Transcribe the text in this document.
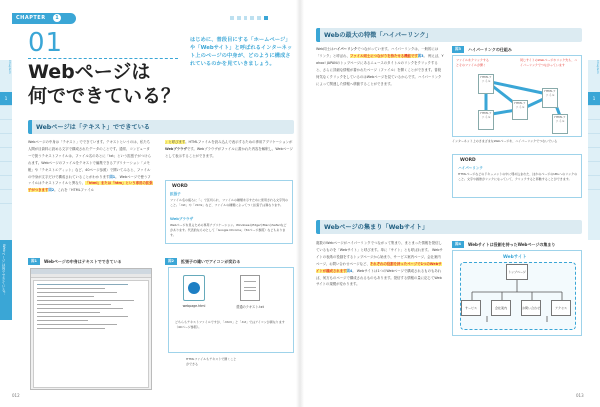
CHAPTER	1
Chapter1
1
Webページは何でできている？
01
Webページは
何でできている？
はじめに、普段目にする「ホームページ」や「Webサイト」と呼ばれるインターネット上のページの中身が、どのように構成されているのかを見ていきましょう。
Webページは「テキスト」でできている
Webページの中身は「テキスト」でできています。テキストというのは、私たち人間が目資料に読める文字で構成されたデータのことです。通常、コンピューターで扱うテキストファイルは、ファイル名のあとに「txt」という拡張子がつけられます。Webページのファイルをテキストで編集できるアプリケーション「メモ帳」や「テキストエディット」など、40ページ参照）で開いてみると、ファイルの中身が文字だけで構成されていることがわかります図1。 Webページで使うファイルはテキストファイルと異なり、「html」または「htm」という専用の拡張子がつきます図2。これを「HTMLファイル
」と呼びます。HTMLファイルを読み込んで表示するための専用アプリケーションがWebブラウザです。Webブラウザがファイルに書かれた内容を解釈し、Webページとして表示することができます。
WORD
拡張子
ファイル名の後ろに「.」で区切られ、ファイルの種類を示すために使用される文字列のこと。「.txt」や「.html」など、ファイルの種類によってつく拡張子は異なります。
Webブラウザ
Webページを見るための専用アプリケーション。WindowsのEdgeやMacのSafariなどがあります。代表的なものとして「Google Chrome」（50ページ参照）などもあります。
図1	Webページの中身はテキストでできている	図2	拡張子の違いでアイコンが変わる
webpage.html	普通のテキスト.txt
どちらもテキストファイルですが、「.html」と「.txt」ではアイコンが異なります（40ページ参照）。
HTMLファイルもテキストで開くことができる
012
Chapter1
1
Webの最大の特徴「ハイパーリンク」
Web同士はハイパーリンクでつながっています。ハイパーリンクは、一般的には「リンク」と呼ばれ、ファイル同士につながりを持たせる機能です図3。 例えば、Yahoo! JAPANのトップページにあるニュースのタイトルのリンクをクリックすると、さらに詳細な情報が書かれたページ（ファイル）を開くことができます。普段何気なくクリックをしているのはWebページを見ているからです。ハイパーリンクによって関連した情報へ移動することができます。
図3	ハイパーリンクの仕組み
ファイルをクリックするとそのファイルが開く
同じサイトのWebページやリンク先も、ハイパーリンクでつながっています
HTMLファイル
HTMLファイル
HTMLファイル
HTMLファイル	HTMLファイル
インターネット上のさまざまなWebページを、ハイパーリンクでつないでいる
WORD
ハイパーリンク
HTMLページなどのドキュメントの中に埋め込まれた、ほかのページのURLへのリンクのこと。文字や画像がリンクになっていて、クリックすると移動することができます。
Webページの集まり「Webサイト」
複数のWebページがハイパーリンクでつながって集まり、まとまった情報を発信しているものを「Webサイト」と呼びます。単に「サイト」とも呼ばれます。 Webサイトの表紙の役割をするトップページから始まり、サービス案内ページ、会社案内ページ、お問い合わせページなど、それぞれの役割を持ったページで1つのWebサイトが構成されます図4。 Webサイトは1つのWebページで構成されるものもあれば、何万ものページで構成されるものもあります。発信する情報の量に応じてWebサイトの規模が変わります。
図4	Webサイトは役割を持ったWebページの集まり
Webサイト
トップページ
サービス	会社案内	お問い合わせ	アクセス
013
